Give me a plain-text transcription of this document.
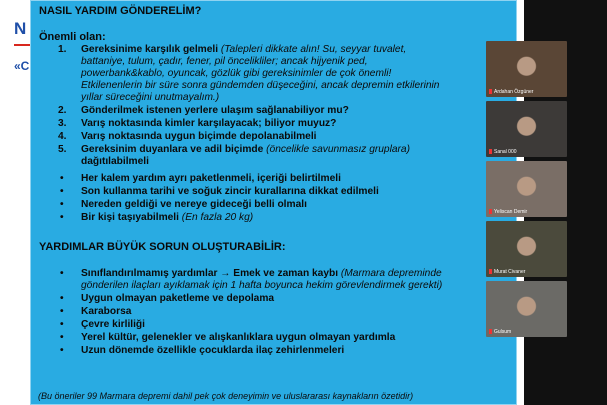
N
«C
NASIL YARDIM GÖNDERELİM?
Önemli olan:
1. Gereksinime karşılık gelmeli (Talepleri dikkate alın! Su, seyyar tuvalet, battaniye, tulum, çadır, fener, pil öncelikliler; ancak hijyenik ped, powerbank&kablo, oyuncak, gözlük gibi gereksinimler de çok önemli! Etkilenenlerin bir süre sonra gündemden düşeceğini, ancak depremin etkilerinin yıllar süreceğini unutmayalım.)
2. Gönderilmek istenen yerlere ulaşım sağlanabiliyor mu?
3. Varış noktasında kimler karşılayacak; biliyor muyuz?
4. Varış noktasında uygun biçimde depolanabilmeli
5. Gereksinim duyanlara ve adil biçimde (öncelikle savunmasız gruplara) dağıtılabilmeli
• Her kalem yardım ayrı paketlenmeli, içeriği belirtilmeli
• Son kullanma tarihi ve soğuk zincir kurallarına dikkat edilmeli
• Nereden geldiği ve nereye gideceği belli olmalı
• Bir kişi taşıyabilmeli (En fazla 20 kg)
YARDIMLAR BÜYÜK SORUN OLUŞTURABİLİR:
• Sınıflandırılmamış yardımlar → Emek ve zaman kaybı (Marmara depreminde gönderilen ilaçları ayıklamak için 1 hafta boyunca hekim görevlendirmek gerekti)
• Uygun olmayan paketleme ve depolama
• Karaborsa
• Çevre kirliliği
• Yerel kültür, gelenekler ve alışkanlıklara uygun olmayan yardımla
• Uzun dönemde özellikle çocuklarda ilaç zehirlenmeleri
(Bu öneriler 99 Marmara depremi dahil pek çok deneyimin ve uluslararası kaynakların özetidir)
Ardahan Özgüner
Sanal 000
Yeliscan Demir
Murat Civaner
Gulsum
